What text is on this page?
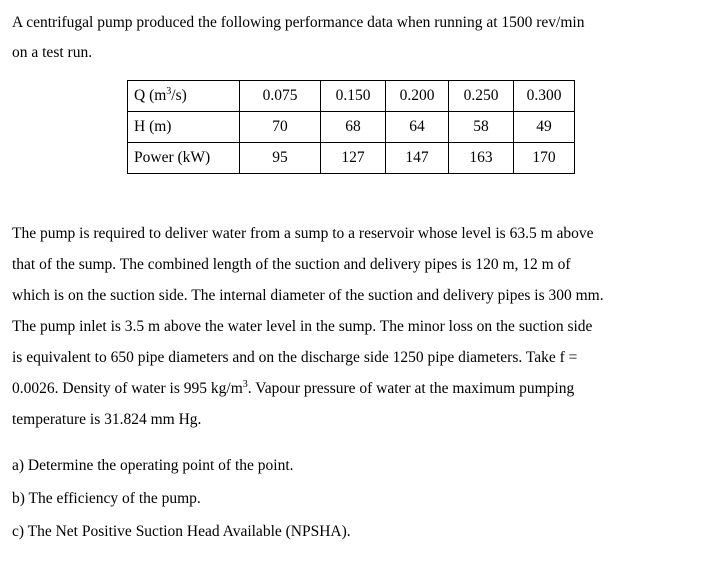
A centrifugal pump produced the following performance data when running at 1500 rev/min
on a test run.
Q $(m^3/s)$	0.075	0.150	0.200	0.250	0.300
H (m)	70	68	64	58	49
Power (kW)	95	127	147	163	170
The pump is required to deliver water from a sump to a reservoir whose level is 63.5 m above
that of the sump. The combined length of the suction and delivery pipes is 120 m, 12 m of
which is on the suction side. The internal diameter of the suction and delivery pipes is 300 mm.
The pump inlet is 3.5 m above the water level in the sump. The minor loss on the suction side
is equivalent to 650 pipe diameters and on the discharge side 1250 pipe diameters. Take f =
0.0026. Density of water is 995 $kg/m^3$. Vapour pressure of water at the maximum pumping
temperature is 31.824 mm Hg.
a) Determine the operating point of the point.
b) The efficiency of the pump.
c) The Net Positive Suction Head Available (NPSHA).
